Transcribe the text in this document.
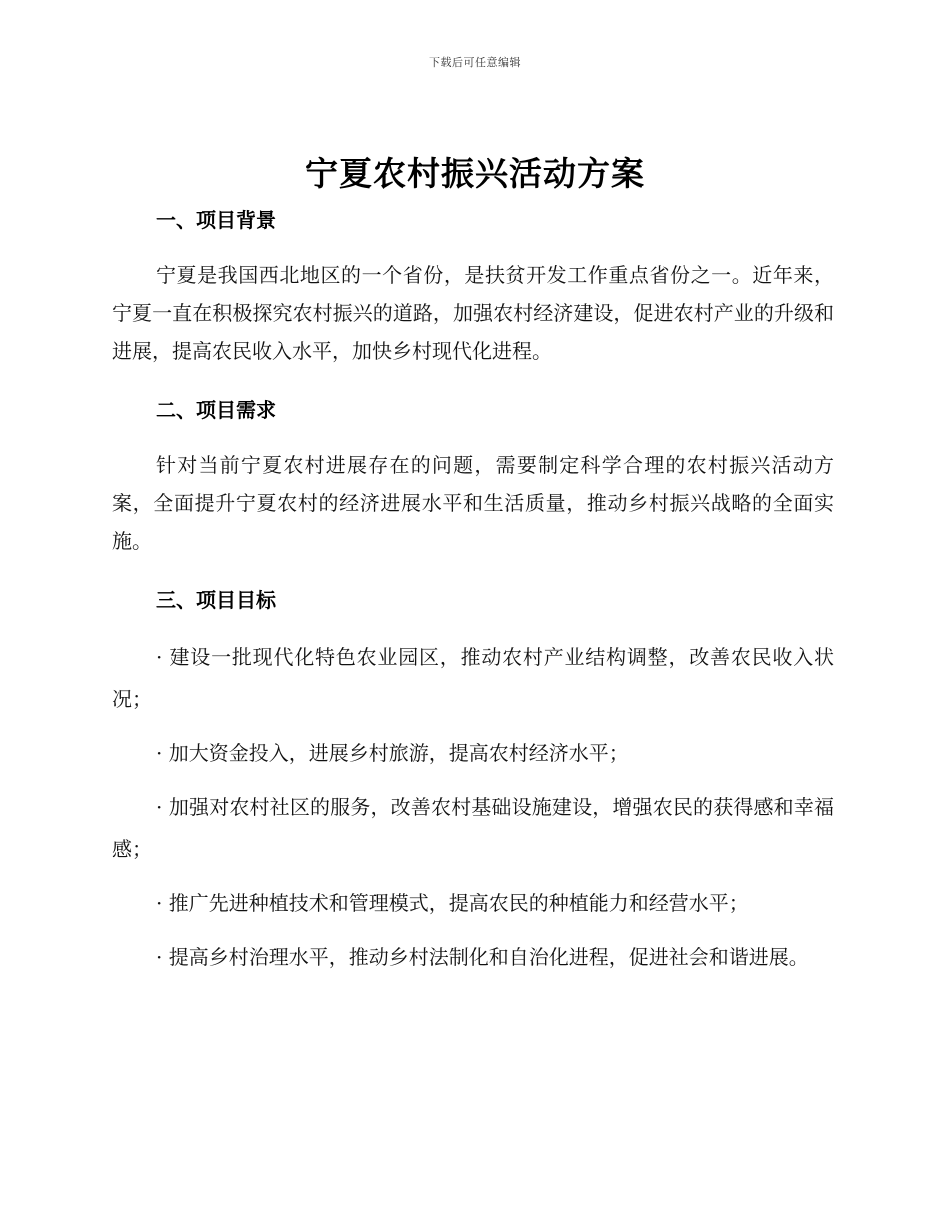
下载后可任意编辑
宁夏农村振兴活动方案
一、项目背景

宁夏是我国西北地区的一个省份，是扶贫开发工作重点省份之一。近年来，宁夏一直在积极探究农村振兴的道路，加强农村经济建设，促进农村产业的升级和进展，提高农民收入水平，加快乡村现代化进程。

二、项目需求

针对当前宁夏农村进展存在的问题，需要制定科学合理的农村振兴活动方案，全面提升宁夏农村的经济进展水平和生活质量，推动乡村振兴战略的全面实施。

三、项目目标

· 建设一批现代化特色农业园区，推动农村产业结构调整，改善农民收入状况；

· 加大资金投入，进展乡村旅游，提高农村经济水平；

· 加强对农村社区的服务，改善农村基础设施建设，增强农民的获得感和幸福感；

· 推广先进种植技术和管理模式，提高农民的种植能力和经营水平；

· 提高乡村治理水平，推动乡村法制化和自治化进程，促进社会和谐进展。
